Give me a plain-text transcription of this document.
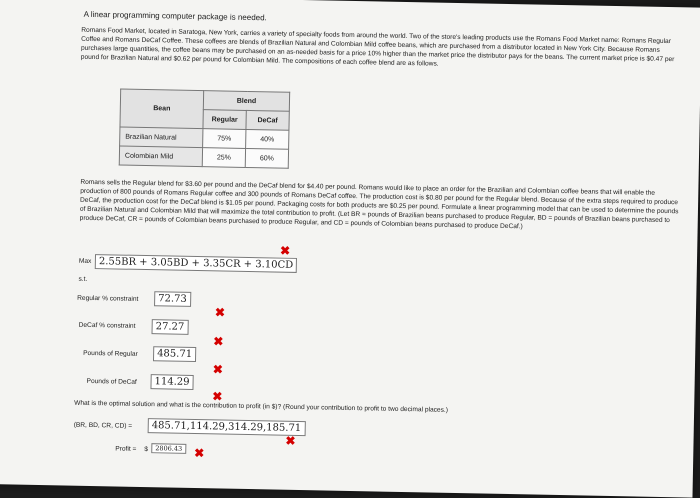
A linear programming computer package is needed.
Romans Food Market, located in Saratoga, New York, carries a variety of specialty foods from around the world. Two of the store's leading products use the Romans Food Market name: Romans Regular Coffee and Romans DeCaf Coffee. These coffees are blends of Brazilian Natural and Colombian Mild coffee beans, which are purchased from a distributor located in New York City. Because Romans purchases large quantities, the coffee beans may be purchased on an as-needed basis for a price 10% higher than the market price the distributor pays for the beans. The current market price is $0.47 per pound for Brazilian Natural and $0.62 per pound for Colombian Mild. The compositions of each coffee blend are as follows.
Bean	Blend	
	Regular	DeCaf
Brazilian Natural	75%	40%
Colombian Mild	25%	60%
Romans sells the Regular blend for $3.60 per pound and the DeCaf blend for $4.40 per pound. Romans would like to place an order for the Brazilian and Colombian coffee beans that will enable the production of 800 pounds of Romans Regular coffee and 300 pounds of Romans DeCaf coffee. The production cost is $0.80 per pound for the Regular blend. Because of the extra steps required to produce DeCaf, the production cost for the DeCaf blend is $1.05 per pound. Packaging costs for both products are $0.25 per pound. Formulate a linear programming model that can be used to determine the pounds of Brazilian Natural and Colombian Mild that will maximize the total contribution to profit. (Let BR = pounds of Brazilian beans purchased to produce Regular, BD = pounds of Brazilian beans purchased to produce DeCaf, CR = pounds of Colombian beans purchased to produce Regular, and CD = pounds of Colombian beans purchased to produce DeCaf.)
Max 2.55BR + 3.05BD + 3.35CR + 3.10CD
✖
s.t.
Regular % constraint	72.73
✖
DeCaf % constraint	27.27
✖
Pounds of Regular	485.71
✖
Pounds of DeCaf	114.29
✖
What is the optimal solution and what is the contribution to profit (in $)? (Round your contribution to profit to two decimal places.)
(BR, BD, CR, CD) =	485.71,114.29,314.29,185.71
✖
Profit = $	2806.43 ✖
